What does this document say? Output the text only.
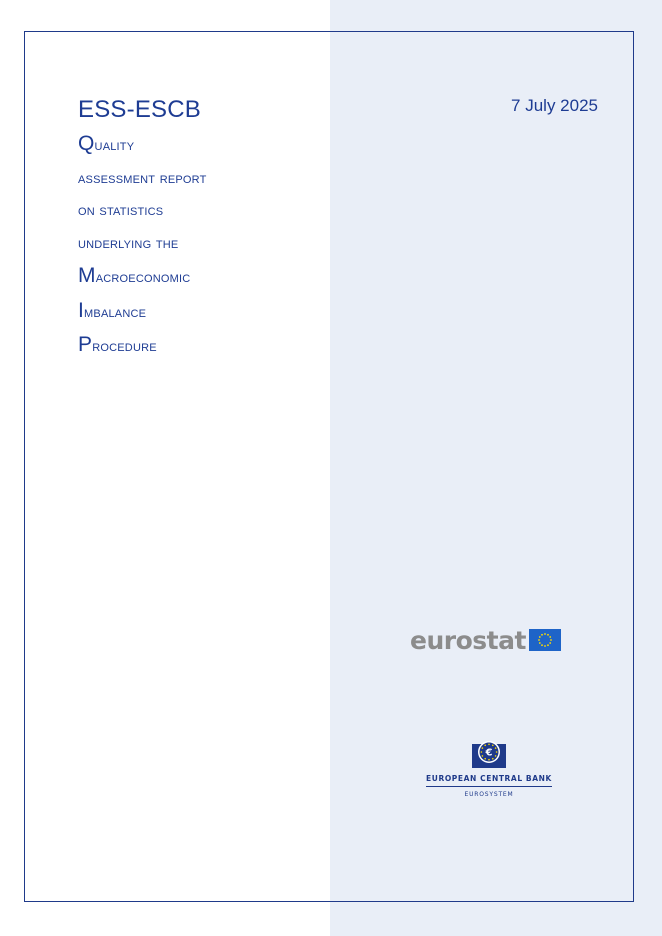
ESS-ESCB
Quality
assessment report
on statistics
underlying the
Macroeconomic
Imbalance
Procedure
7 July 2025
eurostat
€
EUROPEAN CENTRAL BANK
EUROSYSTEM
